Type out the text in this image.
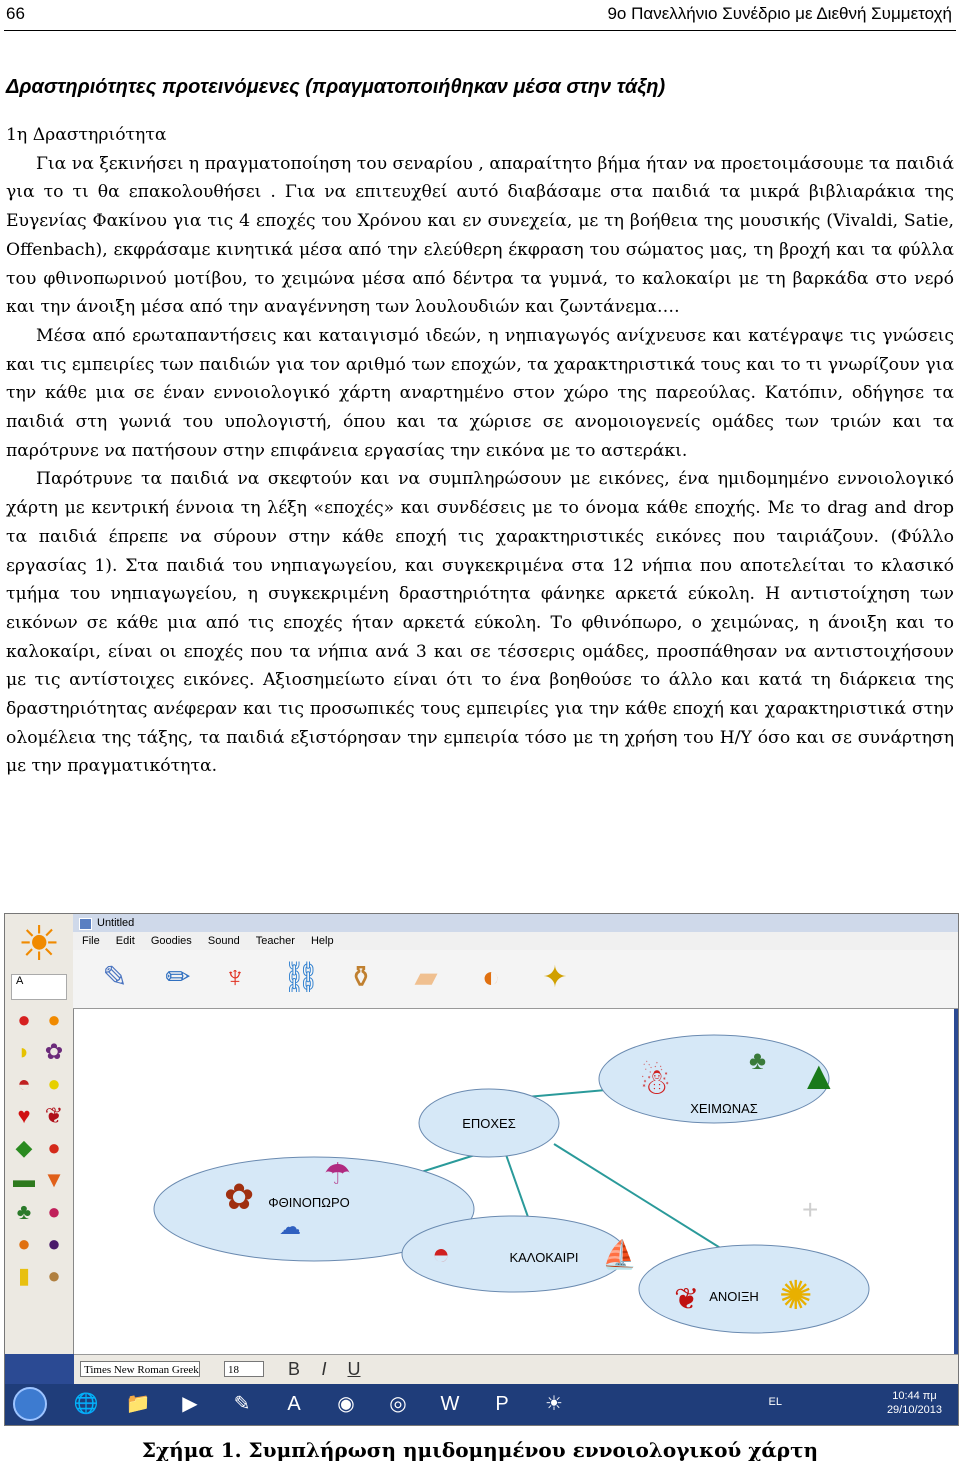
66	9ο Πανελλήνιο Συνέδριο με Διεθνή Συμμετοχή
Δραστηριότητες προτεινόμενες (πραγματοποιήθηκαν μέσα στην τάξη)

1η Δραστηριότητα

Για να ξεκινήσει η πραγματοποίηση του σεναρίου , απαραίτητο βήμα ήταν να προετοιμάσουμε τα παιδιά για το τι θα επακολουθήσει . Για να επιτευχθεί αυτό διαβάσαμε στα παιδιά τα μικρά βιβλιαράκια της Ευγενίας Φακίνου για τις 4 εποχές του Χρόνου και εν συνεχεία, με τη βοήθεια της μουσικής (Vivaldi, Satie, Offenbach), εκφράσαμε κινητικά μέσα από την ελεύθερη έκφραση του σώματος μας, τη βροχή και τα φύλλα του φθινοπωρινού μοτίβου, το χειμώνα μέσα από δέντρα τα γυμνά, το καλοκαίρι με τη βαρκάδα στο νερό και την άνοιξη μέσα από την αναγέννηση των λουλουδιών και ζωντάνεμα….

Μέσα από ερωταπαντήσεις και καταιγισμό ιδεών, η νηπιαγωγός ανίχνευσε και κατέγραψε τις γνώσεις και τις εμπειρίες των παιδιών για τον αριθμό των εποχών, τα χαρακτηριστικά τους και το τι γνωρίζουν για την κάθε μια σε έναν εννοιολογικό χάρτη αναρτημένο στον χώρο της παρεούλας. Κατόπιν, οδήγησε τα παιδιά στη γωνιά του υπολογιστή, όπου και τα χώρισε σε ανομοιογενείς ομάδες των τριών και τα παρότρυνε να πατήσουν στην επιφάνεια εργασίας την εικόνα με το αστεράκι.

Παρότρυνε τα παιδιά να σκεφτούν και να συμπληρώσουν με εικόνες, ένα ημιδομημένο εννοιολογικό χάρτη με κεντρική έννοια τη λέξη «εποχές» και συνδέσεις με το όνομα κάθε εποχής. Με το drag and drop τα παιδιά έπρεπε να σύρουν στην κάθε εποχή τις χαρακτηριστικές εικόνες που ταιριάζουν. (Φύλλο εργασίας 1). Στα παιδιά του νηπιαγωγείου, και συγκεκριμένα στα 12 νήπια που αποτελείται το κλασικό τμήμα του νηπιαγωγείου, η συγκεκριμένη δραστηριότητα φάνηκε αρκετά εύκολη. Η αντιστοίχηση των εικόνων σε κάθε μια από τις εποχές ήταν αρκετά εύκολη. Το φθινόπωρο, ο χειμώνας, η άνοιξη και το καλοκαίρι, είναι οι εποχές που τα νήπια ανά 3 και σε τέσσερις ομάδες, προσπάθησαν να αντιστοιχήσουν με τις αντίστοιχες εικόνες. Αξιοσημείωτο είναι ότι το ένα βοηθούσε το άλλο και κατά τη διάρκεια της δραστηριότητας ανέφεραν και τις προσωπικές τους εμπειρίες για την κάθε εποχή και χαρακτηριστικά στην ολομέλεια της τάξης, τα παιδιά εξιστόρησαν την εμπειρία τόσο με τη χρήση του Η/Υ όσο και σε συνάρτηση με την πραγματικότητα.

☀
A
● ● ◗ ✿ ◓ ● ♥ ❦ ◆ ● ▬ ▼ ♣ ● ● ● ▮ ●
Untitled
File Edit Goodies Sound Teacher Help
✎ ✏ ♆ ⛓ ⚱ ▰	◐	✦
ΕΠΟΧΕΣ
ΦΘΙΝΟΠΩΡΟ
ΧΕΙΜΩΝΑΣ
ΚΑΛΟΚΑΙΡΙ
ΑΝΟΙΞΗ
✿
☂
☁
☃
♣ ▲
◓	⛵
❦ ✺
+
Times New Roman Greek	18	B	I	U
🌐 📁	▶	✎	A	◉	◎	W	P	☀	EL	10:44 πμ
29/10/2013
Σχήμα 1. Συμπλήρωση ημιδομημένου εννοιολογικού χάρτη
